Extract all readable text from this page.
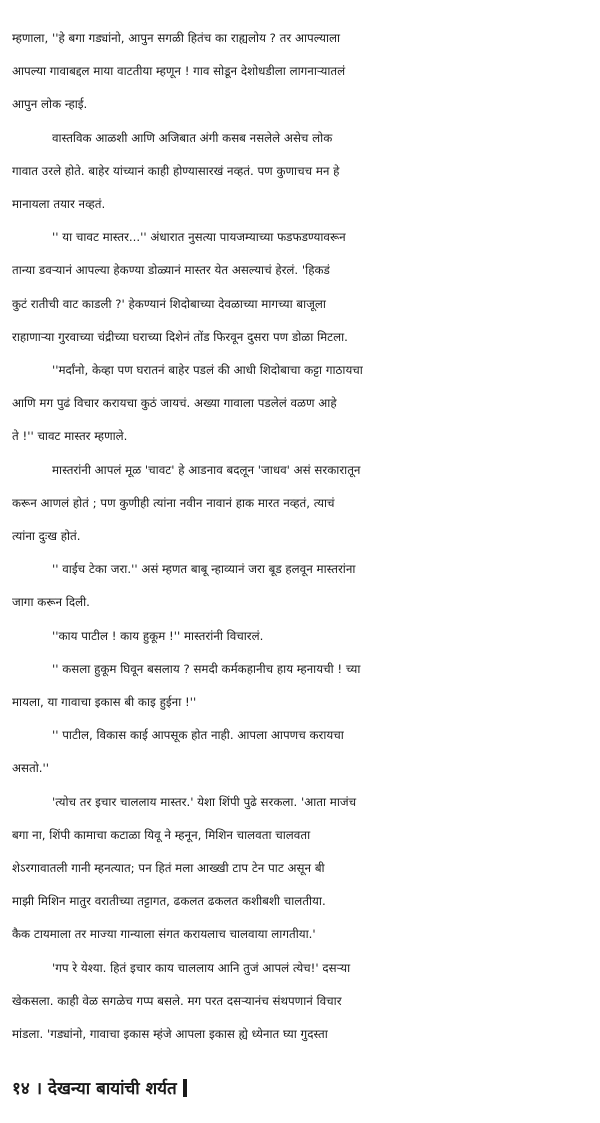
म्हणाला, ''हे बगा गड्यांनो, आपुन सगळी हितंच का राह्यलोय ? तर आपल्याला
आपल्या गावाबद्दल माया वाटतीया म्हणून ! गाव सोडून देशोधडीला लागनाऱ्यातलं
आपुन लोक न्हाई.
वास्तविक आळशी आणि अजिबात अंगी कसब नसलेले असेच लोक
गावात उरले होते. बाहेर यांच्यानं काही होण्यासारखं नव्हतं. पण कुणाचच मन हे
मानायला तयार नव्हतं.
'' या चावट मास्तर...'' अंधारात नुसत्या पायजम्याच्या फडफडण्यावरून
तान्या डवऱ्यानं आपल्या हेकण्या डोळ्यानं मास्तर येत असल्याचं हेरलं. 'हिकडं
कुटं रातीची वाट काडली ?' हेकण्यानं शिदोबाच्या देवळाच्या मागच्या बाजूला
राहाणाऱ्या गुरवाच्या चंद्रीच्या घराच्या दिशेनं तोंड फिरवून दुसरा पण डोळा मिटला.
''मर्दांनो, केव्हा पण घरातनं बाहेर पडलं की आधी शिदोबाचा कट्टा गाठायचा
आणि मग पुढं विचार करायचा कुठं जायचं. अख्या गावाला पडलेलं वळण आहे
ते !'' चावट मास्तर म्हणाले.
मास्तरांनी आपलं मूळ 'चावट' हे आडनाव बदलून 'जाधव' असं सरकारातून
करून आणलं होतं ; पण कुणीही त्यांना नवीन नावानं हाक मारत नव्हतं, त्याचं
त्यांना दुःख होतं.
'' वाईच टेका जरा.'' असं म्हणत बाबू न्हाव्यानं जरा बूड हलवून मास्तरांना
जागा करून दिली.
''काय पाटील ! काय हुकूम !'' मास्तरांनी विचारलं.
'' कसला हुकूम घिवून बसलाय ? समदी कर्मकहानीच हाय म्हनायची ! च्या
मायला, या गावाचा इकास बी काइ हुईना !''
'' पाटील, विकास काई आपसूक होत नाही. आपला आपणच करायचा
असतो.''
'त्योच तर इचार चाललाय मास्तर.' येशा शिंपी पुढे सरकला. 'आता माजंच
बगा ना, शिंपी कामाचा कटाळा यिवू ने म्हनून, मिशिन चालवता चालवता
शेऽरगावातली गानी म्हनत्यात; पन हितं मला आख्खी टाप टेन पाट असून बी
माझी मिशिन मातुर वरातीच्या तट्टागत, ढकलत ढकलत कशीबशी चालतीया.
कैक टायमाला तर माज्या गान्याला संगत करायलाच चालवाया लागतीया.'
'गप रे येश्या. हितं इचार काय चाललाय आनि तुजं आपलं त्येच!' दसऱ्या
खेकसला. काही वेळ सगळेच गप्प बसले. मग परत दसऱ्यानंच संथपणानं विचार
मांडला. 'गड्यांनो, गावाचा इकास म्हंजे आपला इकास ह्ये ध्येनात घ्या गुदस्ता
१४ । देखन्या बायांची शर्यत
